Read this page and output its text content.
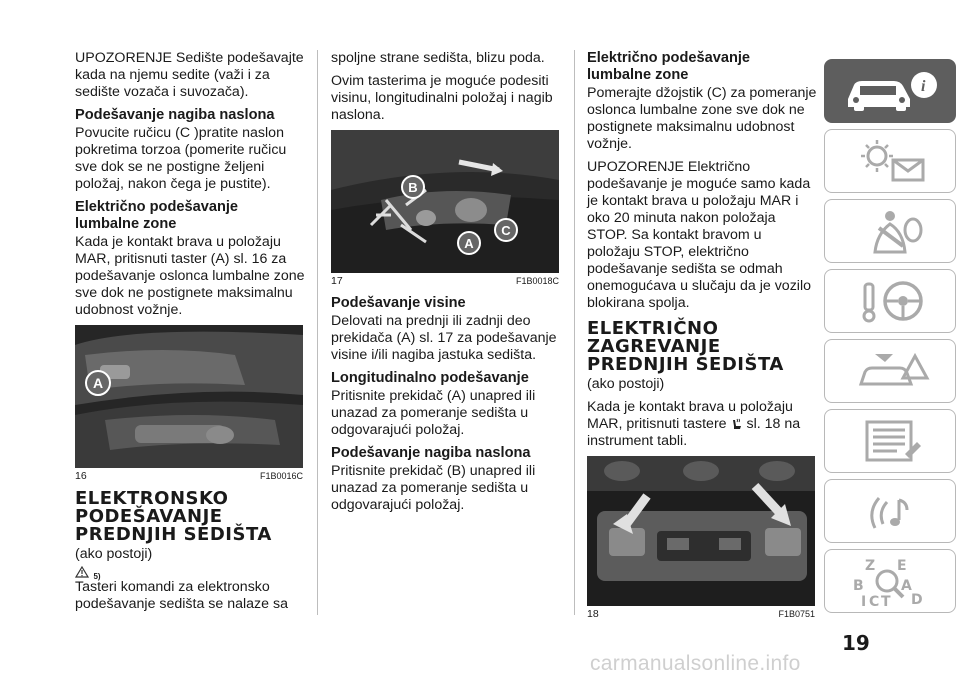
UPOZORENJE Sedište podešavajte kada na njemu sedite (važi i za sedište vozača i suvozača).

Podešavanje nagiba naslona

Povucite ručicu (C )pratite naslon pokretima torzoa (pomerite ručicu sve dok se ne postigne željeni položaj, nakon čega je pustite).

Električno podešavanje lumbalne zone

Kada je kontakt brava u položaju MAR, pritisnuti taster (A) sl. 16 za podešavanje oslonca lumbalne zone sve dok ne postignete maksimalnu udobnost vožnje.

A
16	F1B0016C
ELEKTRONSKO PODEŠAVANJE PREDNJIH SEDIŠTA

(ako postoji)

5)

Tasteri komandi za elektronsko podešavanje sedišta se nalaze sa

spoljne strane sedišta, blizu poda.

Ovim tasterima je moguće podesiti visinu, longitudinalni položaj i nagib naslona.

B
A
C
17	F1B0018C
Podešavanje visine

Delovati na prednji ili zadnji deo prekidača (A) sl. 17 za podešavanje visine i/ili nagiba jastuka sedišta.

Longitudinalno podešavanje

Pritisnite prekidač (A) unapred ili unazad za pomeranje sedišta u odgovarajući položaj.

Podešavanje nagiba naslona

Pritisnite prekidač (B) unapred ili unazad za pomeranje sedišta u odgovarajući položaj.

Električno podešavanje lumbalne zone

Pomerajte džojstik (C) za pomeranje oslonca lumbalne zone sve dok ne postignete maksimalnu udobnost vožnje.

UPOZORENJE Električno podešavanje je moguće samo kada je kontakt brava u položaju MAR i oko 20 minuta nakon položaja STOP. Sa kontakt bravom u položaju STOP, električno podešavanje sedišta se odmah onemogućava u slučaju da je vozilo blokirana spolja.

ELEKTRIČNO ZAGREVANJE PREDNJIH SEDIŠTA

(ako postoji)

Kada je kontakt brava u položaju MAR, pritisnuti tastere sl. 18 na instrument tabli.

18	F1B0751
i
Z E
B	A
C T D
I
19
carmanualsonline.info
